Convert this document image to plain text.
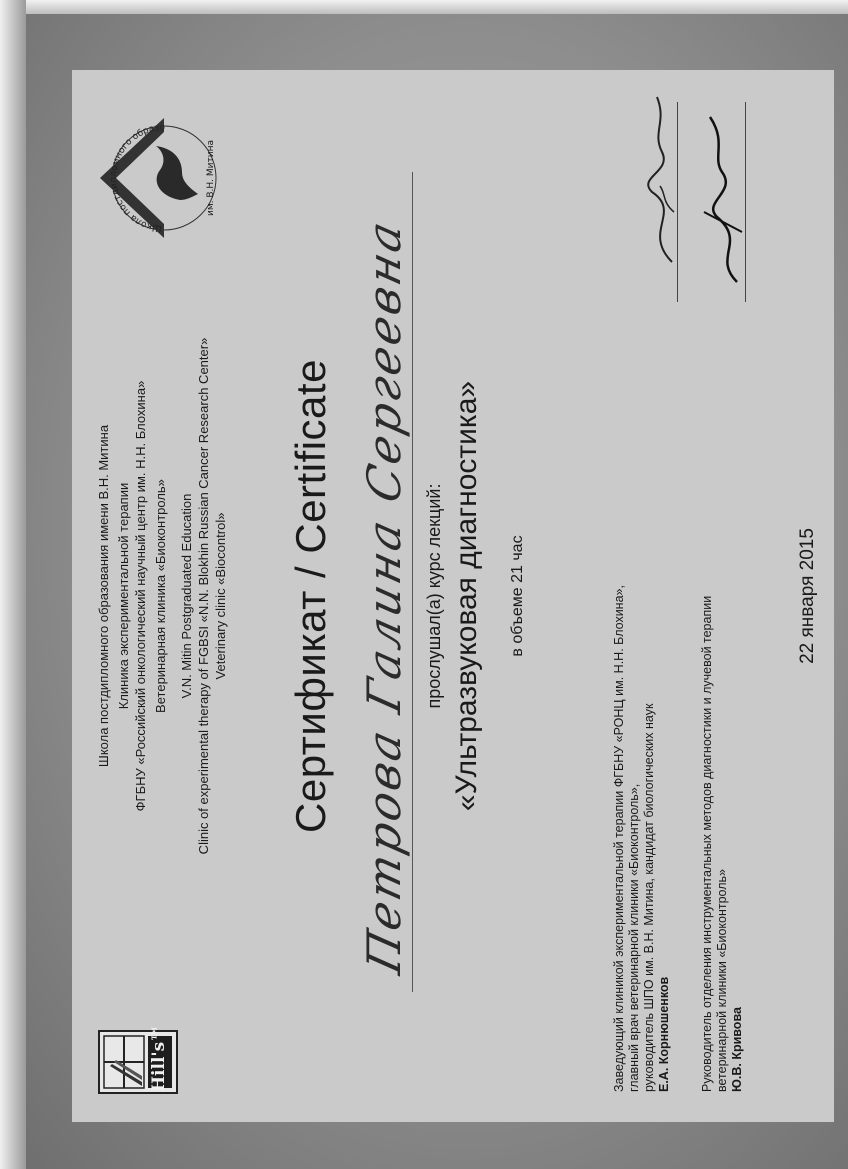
Hill's™
Школа постдипломного образо
им. В.Н. Митина
Школа постдипломного образования имени В.Н. Митина Клиника экспериментальной терапии ФГБНУ «Российский онкологический научный центр им. Н.Н. Блохина» Ветеринарная клиника «Биоконтроль» V.N. Mitin Postgraduated Education Clinic of experimental therapy of FGBSI «N.N. Blokhin Russian Cancer Research Center» Veterinary clinic «Biocontrol» Сертификат / Certificate Петрова Галина Сергеевна прослушал(а) курс лекций: «Ультразвуковая диагностика» в объеме 21 час	Заведующий клиникой экспериментальной терапии ФГБНУ «РОНЦ им. Н.Н. Блохина», главный врач ветеринарной клиники «Биоконтроль», руководитель ШПО им. В.Н. Митина, кандидат биологических наук Е.А. Корнюшенков Руководитель отделения инструментальных методов диагностики и лучевой терапии ветеринарной клиники «Биоконтроль» Ю.В. Кривова
22 января 2015
